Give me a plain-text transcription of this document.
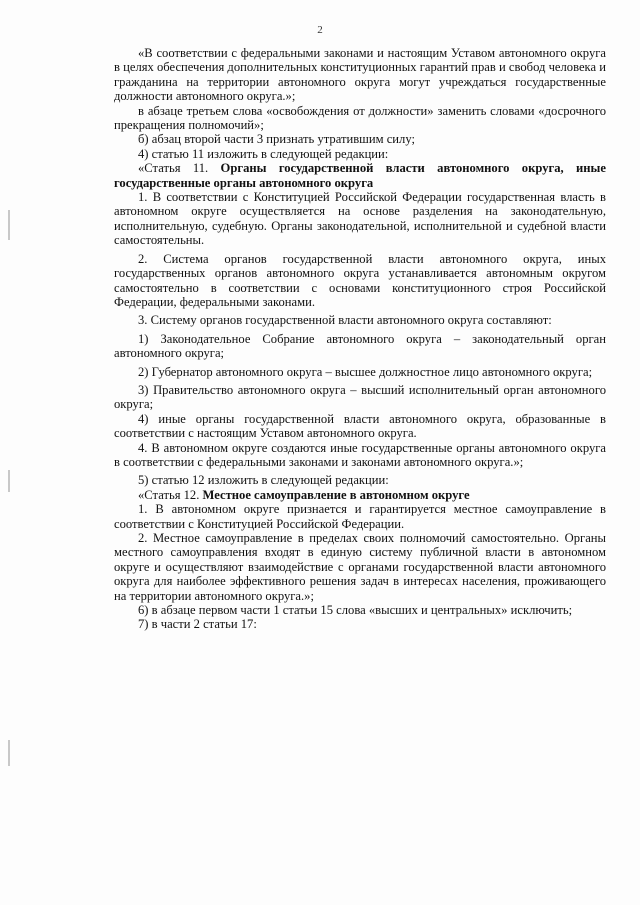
2

«В соответствии с федеральными законами и настоящим Уставом автономного округа в целях обеспечения дополнительных конституционных гарантий прав и свобод человека и гражданина на территории автономного округа могут учреждаться государственные должности автономного округа.»;

в абзаце третьем слова «освобождения от должности» заменить словами «досрочного прекращения полномочий»;

б) абзац второй части 3 признать утратившим силу;

4) статью 11 изложить в следующей редакции:

«Статья 11. Органы государственной власти автономного округа, иные государственные органы автономного округа

1. В соответствии с Конституцией Российской Федерации государственная власть в автономном округе осуществляется на основе разделения на законодательную, исполнительную, судебную. Органы законодательной, исполнительной и судебной власти самостоятельны.

2. Система органов государственной власти автономного округа, иных государственных органов автономного округа устанавливается автономным округом самостоятельно в соответствии с основами конституционного строя Российской Федерации, федеральными законами.

3. Систему органов государственной власти автономного округа составляют:

1) Законодательное Собрание автономного округа – законодательный орган автономного округа;

2) Губернатор автономного округа – высшее должностное лицо автономного округа;

3) Правительство автономного округа – высший исполнительный орган автономного округа;

4) иные органы государственной власти автономного округа, образованные в соответствии с настоящим Уставом автономного округа.

4. В автономном округе создаются иные государственные органы автономного округа в соответствии с федеральными законами и законами автономного округа.»;

5) статью 12 изложить в следующей редакции:

«Статья 12. Местное самоуправление в автономном округе

1. В автономном округе признается и гарантируется местное самоуправление в соответствии с Конституцией Российской Федерации.

2. Местное самоуправление в пределах своих полномочий самостоятельно. Органы местного самоуправления входят в единую систему публичной власти в автономном округе и осуществляют взаимодействие с органами государственной власти автономного округа для наиболее эффективного решения задач в интересах населения, проживающего на территории автономного округа.»;

6) в абзаце первом части 1 статьи 15 слова «высших и центральных» исключить;

7) в части 2 статьи 17:
